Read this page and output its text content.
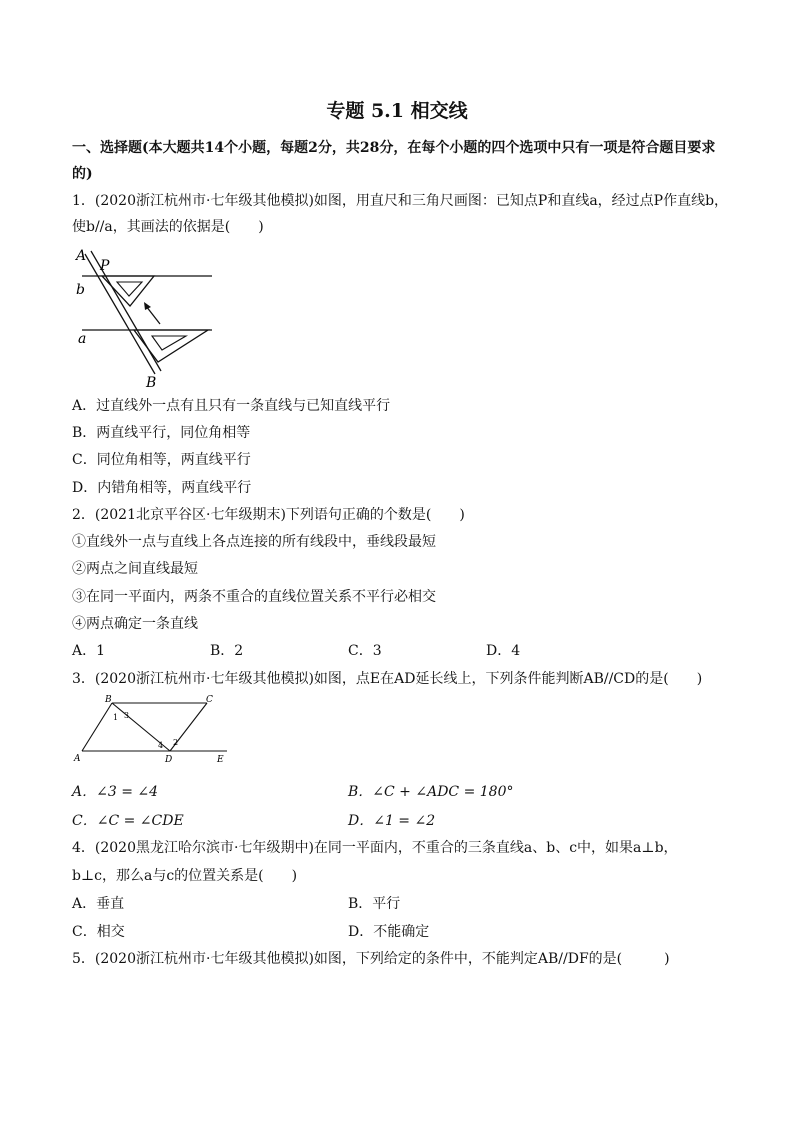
专题 5.1 相交线
一、选择题(本大题共14个小题，每题2分，共28分，在每个小题的四个选项中只有一项是符合题目要求
的)
1．(2020浙江杭州市·七年级其他模拟)如图，用直尺和三角尺画图：已知点P和直线a，经过点P作直线b，
使b//a，其画法的依据是(　　)
A
P
b
a
B
A．过直线外一点有且只有一条直线与已知直线平行
B．两直线平行，同位角相等
C．同位角相等，两直线平行
D．内错角相等，两直线平行
2．(2021北京平谷区·七年级期末)下列语句正确的个数是(　　)
①直线外一点与直线上各点连接的所有线段中，垂线段最短
②两点之间直线最短
③在同一平面内，两条不重合的直线位置关系不平行必相交
④两点确定一条直线
A．1	B．2	C．3	D．4
3．(2020浙江杭州市·七年级其他模拟)如图，点E在AD延长线上，下列条件能判断AB//CD的是(　　)
B	C
A	D	E
1
2
3
4
A．∠3 = ∠4	B．∠C + ∠ADC = 180°
C．∠C = ∠CDE	D．∠1 = ∠2
4．(2020黑龙江哈尔滨市·七年级期中)在同一平面内，不重合的三条直线a、b、c中，如果a⊥b，
b⊥c，那么a与c的位置关系是(　　)
A．垂直	B．平行
C．相交	D．不能确定
5．(2020浙江杭州市·七年级其他模拟)如图，下列给定的条件中，不能判定AB//DF的是(　　　)
